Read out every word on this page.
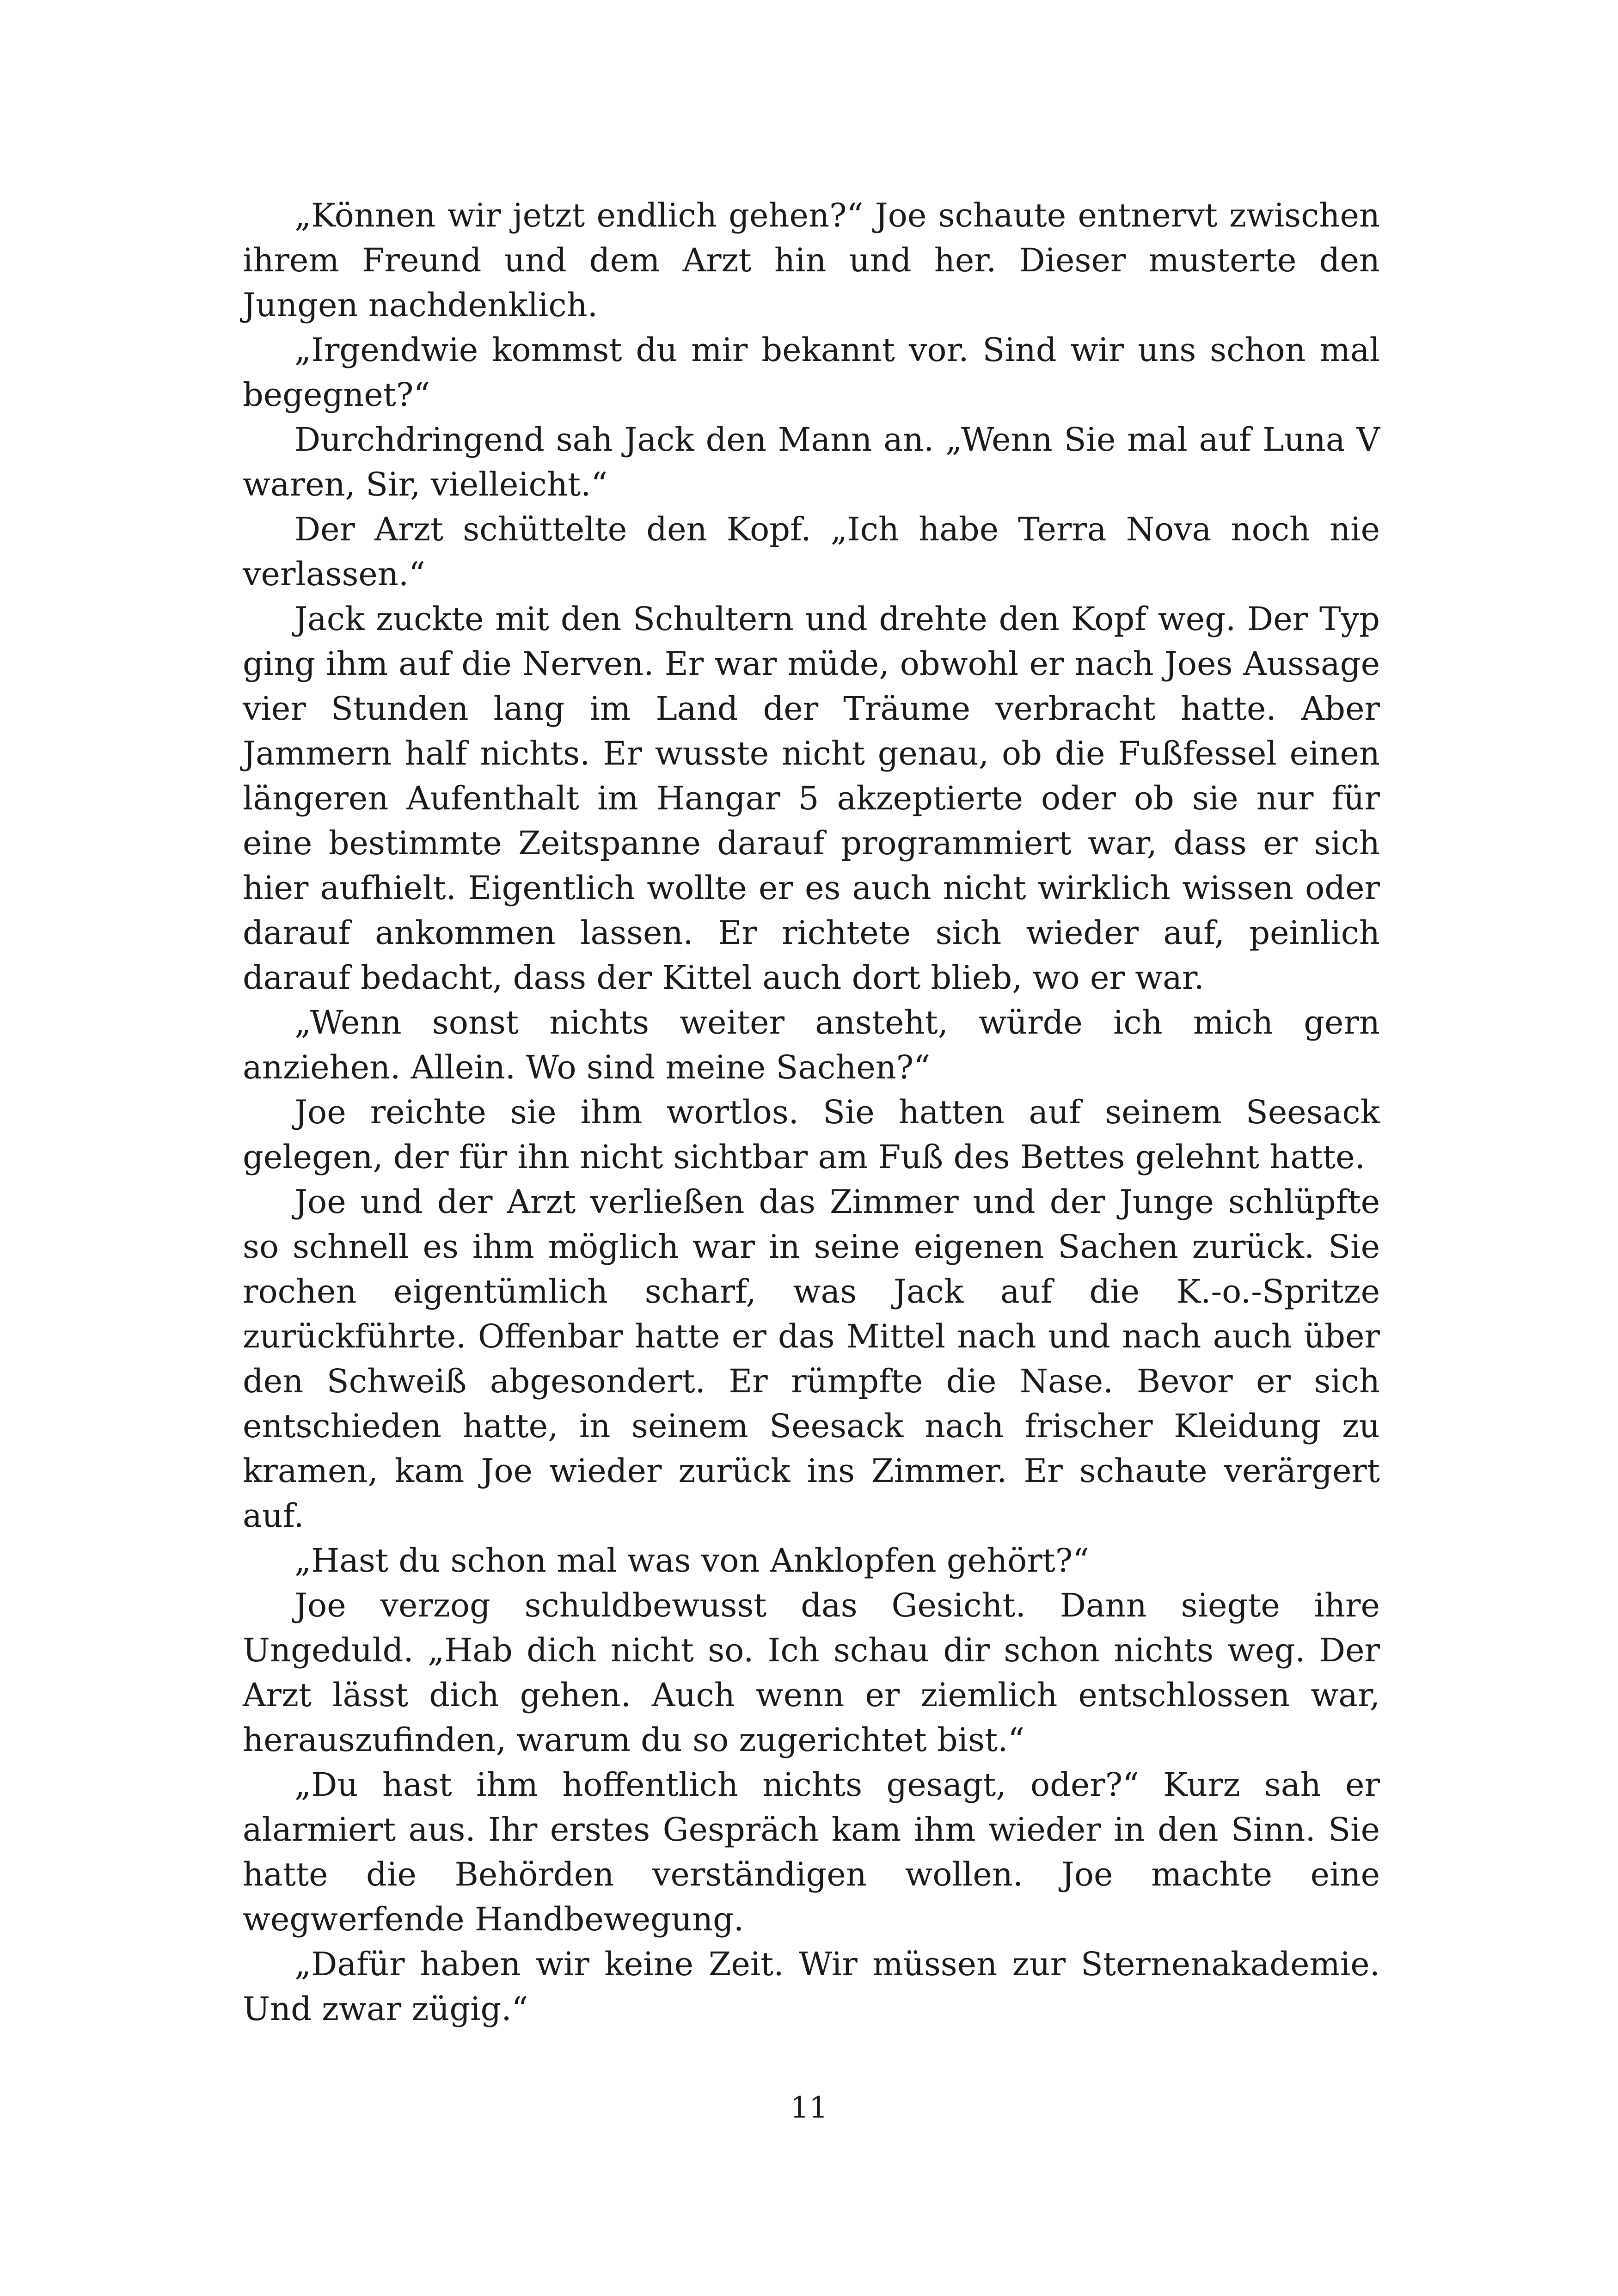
„Können wir jetzt endlich gehen?“ Joe schaute entnervt zwischen ihrem Freund und dem Arzt hin und her. Dieser musterte den Jungen nachdenklich.

„Irgendwie kommst du mir bekannt vor. Sind wir uns schon mal begegnet?“

Durchdringend sah Jack den Mann an. „Wenn Sie mal auf Luna V waren, Sir, vielleicht.“

Der Arzt schüttelte den Kopf. „Ich habe Terra Nova noch nie verlassen.“

Jack zuckte mit den Schultern und drehte den Kopf weg. Der Typ ging ihm auf die Nerven. Er war müde, obwohl er nach Joes Aussage vier Stunden lang im Land der Träume verbracht hatte. Aber Jammern half nichts. Er wusste nicht genau, ob die Fußfessel einen längeren Aufenthalt im Hangar 5 akzeptierte oder ob sie nur für eine bestimmte Zeitspanne darauf programmiert war, dass er sich hier aufhielt. Eigentlich wollte er es auch nicht wirklich wissen oder darauf ankommen lassen. Er richtete sich wieder auf, peinlich darauf bedacht, dass der Kittel auch dort blieb, wo er war.

„Wenn sonst nichts weiter ansteht, würde ich mich gern anziehen. Allein. Wo sind meine Sachen?“

Joe reichte sie ihm wortlos. Sie hatten auf seinem Seesack gelegen, der für ihn nicht sichtbar am Fuß des Bettes gelehnt hatte.

Joe und der Arzt verließen das Zimmer und der Junge schlüpfte so schnell es ihm möglich war in seine eigenen Sachen zurück. Sie rochen eigentümlich scharf, was Jack auf die K.-o.-Spritze zurückführte. Offenbar hatte er das Mittel nach und nach auch über den Schweiß abgesondert. Er rümpfte die Nase. Bevor er sich entschieden hatte, in seinem Seesack nach frischer Kleidung zu kramen, kam Joe wieder zurück ins Zimmer. Er schaute verärgert auf.

„Hast du schon mal was von Anklopfen gehört?“

Joe verzog schuldbewusst das Gesicht. Dann siegte ihre Ungeduld. „Hab dich nicht so. Ich schau dir schon nichts weg. Der Arzt lässt dich gehen. Auch wenn er ziemlich entschlossen war, herauszufinden, warum du so zugerichtet bist.“

„Du hast ihm hoffentlich nichts gesagt, oder?“ Kurz sah er alarmiert aus. Ihr erstes Gespräch kam ihm wieder in den Sinn. Sie hatte die Behörden verständigen wollen. Joe machte eine wegwerfende Handbewegung.

„Dafür haben wir keine Zeit. Wir müssen zur Sternenakademie. Und zwar zügig.“

11
